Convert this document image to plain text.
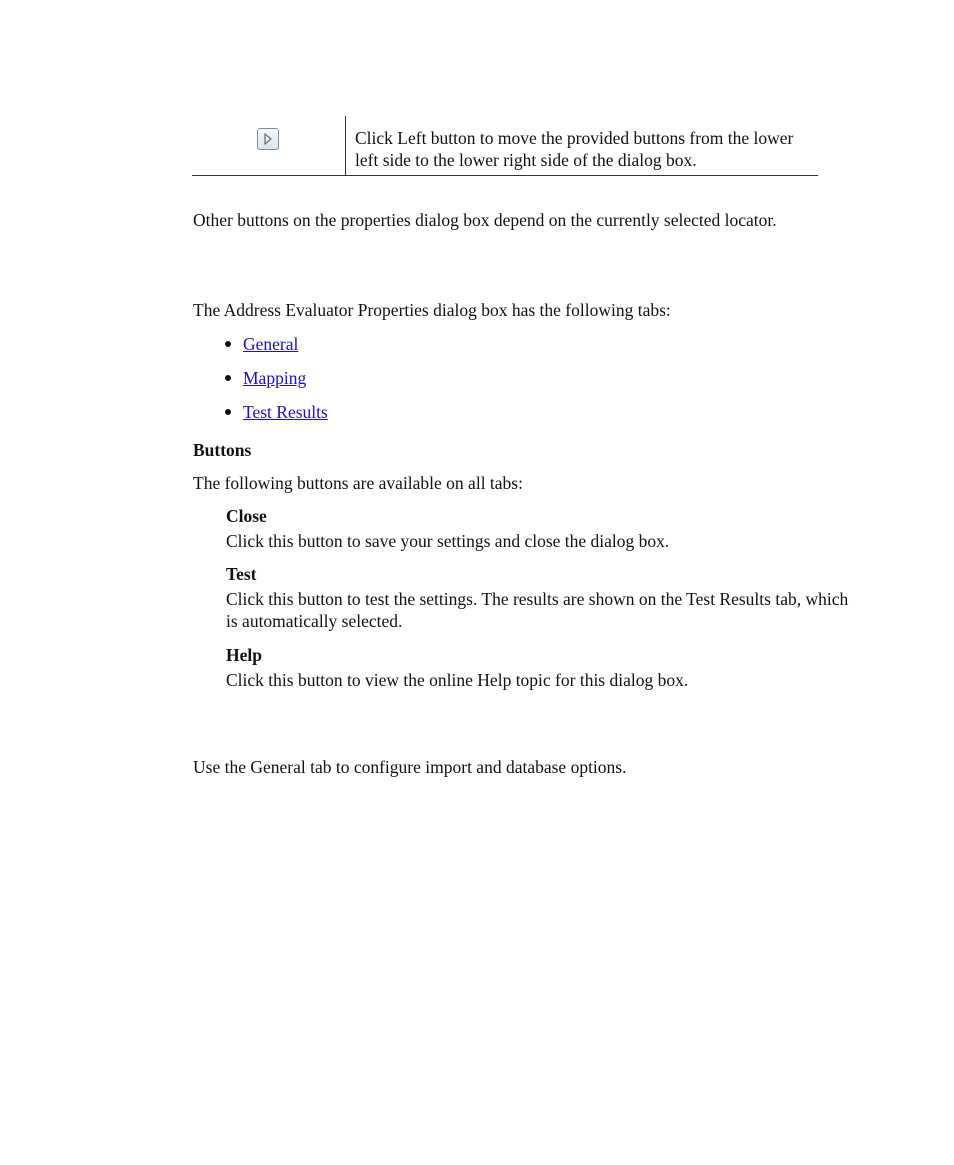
Click Left button to move the provided buttons from the lower left side to the lower right side of the dialog box.
Other buttons on the properties dialog box depend on the currently selected locator.
The Address Evaluator Properties dialog box has the following tabs:
General
Mapping
Test Results
Buttons
The following buttons are available on all tabs:
Close
Click this button to save your settings and close the dialog box.
Test
Click this button to test the settings. The results are shown on the Test Results tab, which is automatically selected.
Help
Click this button to view the online Help topic for this dialog box.
Use the General tab to configure import and database options.
